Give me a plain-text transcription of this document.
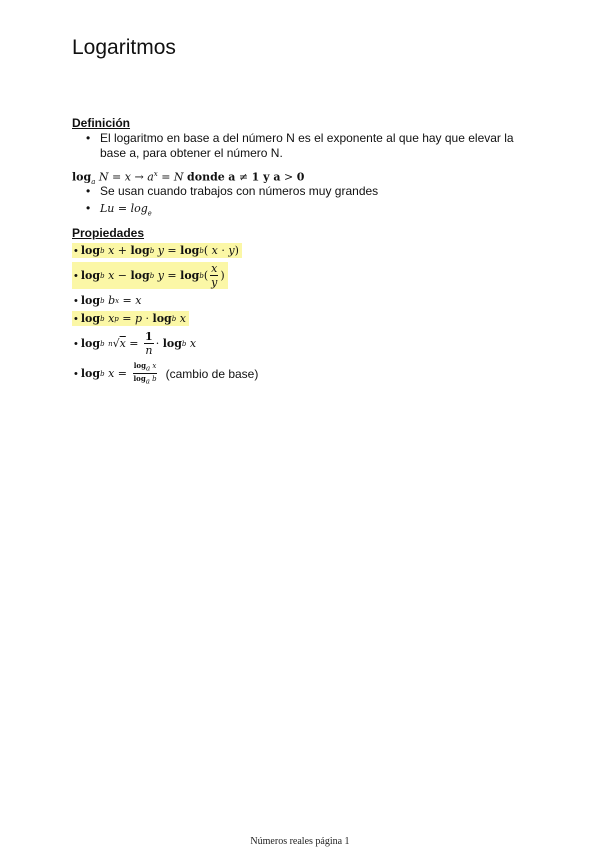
Logaritmos
Definición
• El logaritmo en base a del número N es el exponente al que hay que elevar la base a, para obtener el número N.
$\log_a N = x \to a^x = N$ donde a ≠ 1 y a > 0
• Se usan cuando trabajos con números muy grandes
• $Lu = \log_e$
Propiedades
• log b
x + log b
y = log b ( x · y )
• log b
x − log b
y = log b ( $\frac{x}{y}$ )
• log b
b x = x
• log b
x p = p · log b
x
• log b
n √ $x = \frac{1}{n} \cdot \log b$
x
• log b
$x = \frac{\log_a x}{\log_a b}$ (cambio de base)
Números reales página 1
